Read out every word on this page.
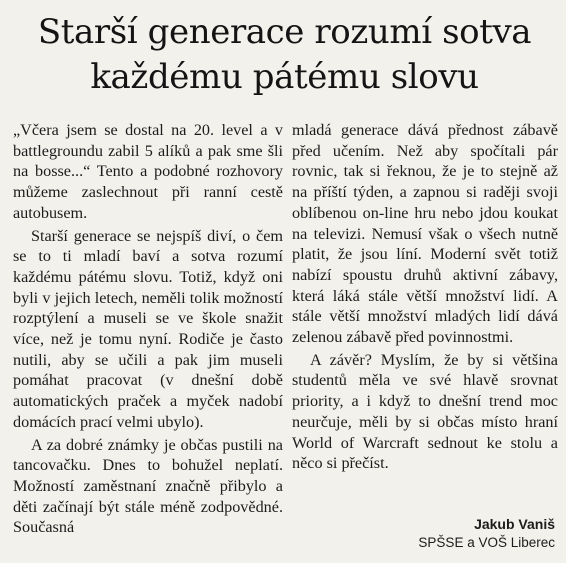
Starší generace rozumí sotva každému pátému slovu

„Včera jsem se dostal na 20. level a v battlegroundu zabil 5 alíků a pak sme šli na bosse...“ Tento a podobné rozhovory můžeme zaslechnout při ranní cestě autobusem.

Starší generace se nejspíš diví, o čem se to ti mladí baví a sotva rozumí každému pátému slovu. Totiž, když oni byli v jejich letech, neměli tolik možností rozptýlení a museli se ve škole snažit více, než je tomu nyní. Rodiče je často nutili, aby se učili a pak jim museli pomáhat pracovat (v dnešní době automatických praček a myček nadobí domácích prací velmi ubylo).

A za dobré známky je občas pustili na tancovačku. Dnes to bohužel neplatí. Možností zaměstnaní značně přibylo a děti začínají být stále méně zodpovědné. Současná

mladá generace dává přednost zábavě před učením. Než aby spočítali pár rovnic, tak si řeknou, že je to stejně až na příští týden, a zapnou si raději svoji oblíbenou on-line hru nebo jdou koukat na televizi. Nemusí však o všech nutně platit, že jsou líní. Moderní svět totiž nabízí spoustu druhů aktivní zábavy, která láká stále větší množství lidí. A stále větší množství mladých lidí dává zelenou zábavě před povinnostmi.

A závěr? Myslím, že by si většina studentů měla ve své hlavě srovnat priority, a i když to dnešní trend moc neurčuje, měli by si občas místo hraní World of Warcraft sednout ke stolu a něco si přečíst.

Jakub Vaniš
SPŠSE a VOŠ Liberec
